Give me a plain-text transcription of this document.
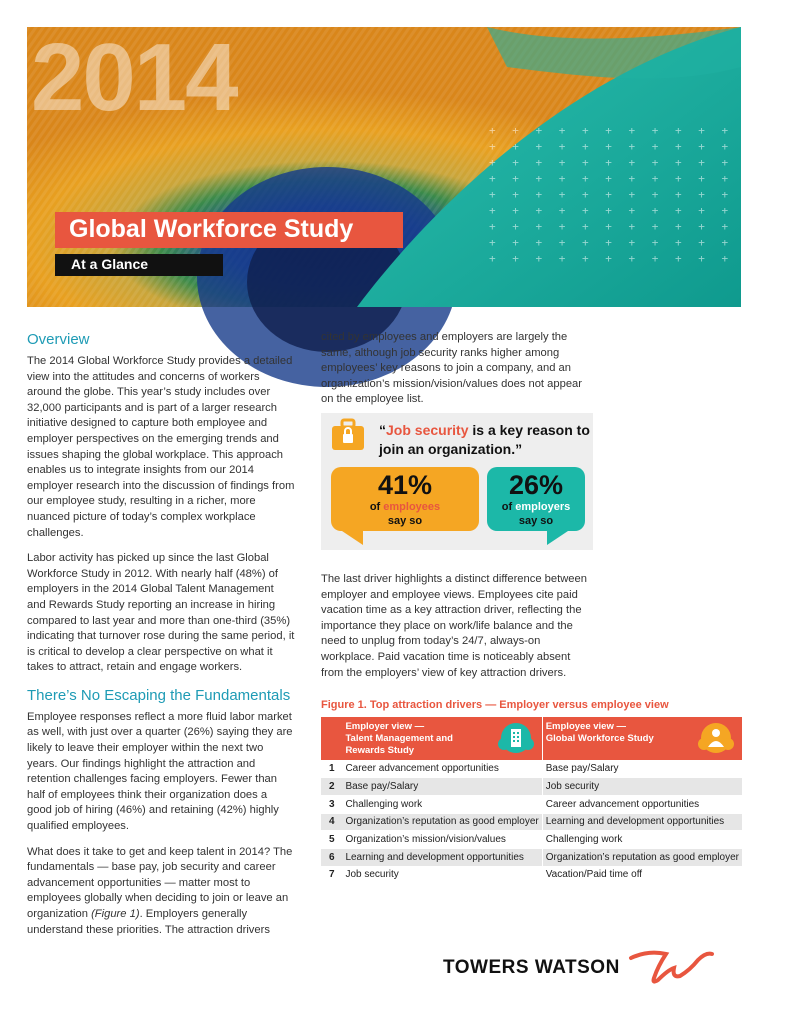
2014	+ + + + + + + + + + + + + +
+ + + + + + + + + + + + + +
+ + + + + + + + + + + + + +
+ + + + + + + + + + + + + +
+ + + + + + + + + + + + + +
+ + + + + + + + + + + + + +
+ + + + + + + + + + + + + +
+ + + + + + + + + + + + + +
+ + + + + + + + + + + + + +
Global Workforce Study
At a Glance
Overview

The 2014 Global Workforce Study provides a detailed view into the attitudes and concerns of workers around the globe. This year’s study includes over 32,000 participants and is part of a larger research initiative designed to capture both employee and employer perspectives on the emerging trends and issues shaping the global workplace. This approach enables us to integrate insights from our 2014 employer research into the discussion of findings from our employee study, resulting in a richer, more nuanced picture of today’s complex workplace challenges.

Labor activity has picked up since the last Global Workforce Study in 2012. With nearly half (48%) of employers in the 2014 Global Talent Management and Rewards Study reporting an increase in hiring compared to last year and more than one-third (35%) indicating that turnover rose during the same period, it is critical to develop a clear perspective on what it takes to attract, retain and engage workers.

There’s No Escaping the Fundamentals

Employee responses reflect a more fluid labor market as well, with just over a quarter (26%) saying they are likely to leave their employer within the next two years. Our findings highlight the attraction and retention challenges facing employers. Fewer than half of employees think their organization does a good job of hiring (46%) and retaining (42%) highly qualified employees.

What does it take to get and keep talent in 2014? The fundamentals — base pay, job security and career advancement opportunities — matter most to employees globally when deciding to join or leave an organization (Figure 1). Employers generally understand these priorities. The attraction drivers

cited by employees and employers are largely the same, although job security ranks higher among employees’ key reasons to join a company, and an organization’s mission/vision/values does not appear on the employee list.

The last driver highlights a distinct difference between employer and employee views. Employees cite paid vacation time as a key attraction driver, reflecting the importance they place on work/life balance and the need to unplug from today’s 24/7, always-on workplace. Paid vacation time is noticeably absent from the employers’ view of key attraction drivers.

“Job security is a key reason to join an organization.”
41%
of employees
say so
26%
of employers
say so
Figure 1. Top attraction drivers — Employer versus employee view
	Employer view —
Talent Management and
Rewards Study	Employee view —
Global Workforce Study

1	Career advancement opportunities	Base pay/Salary
2	Base pay/Salary	Job security
3	Challenging work	Career advancement opportunities
4	Organization’s reputation as good employer	Learning and development opportunities
5	Organization’s mission/vision/values	Challenging work
6	Learning and development opportunities	Organization’s reputation as good employer
7	Job security	Vacation/Paid time off
TOWERS WATSON
